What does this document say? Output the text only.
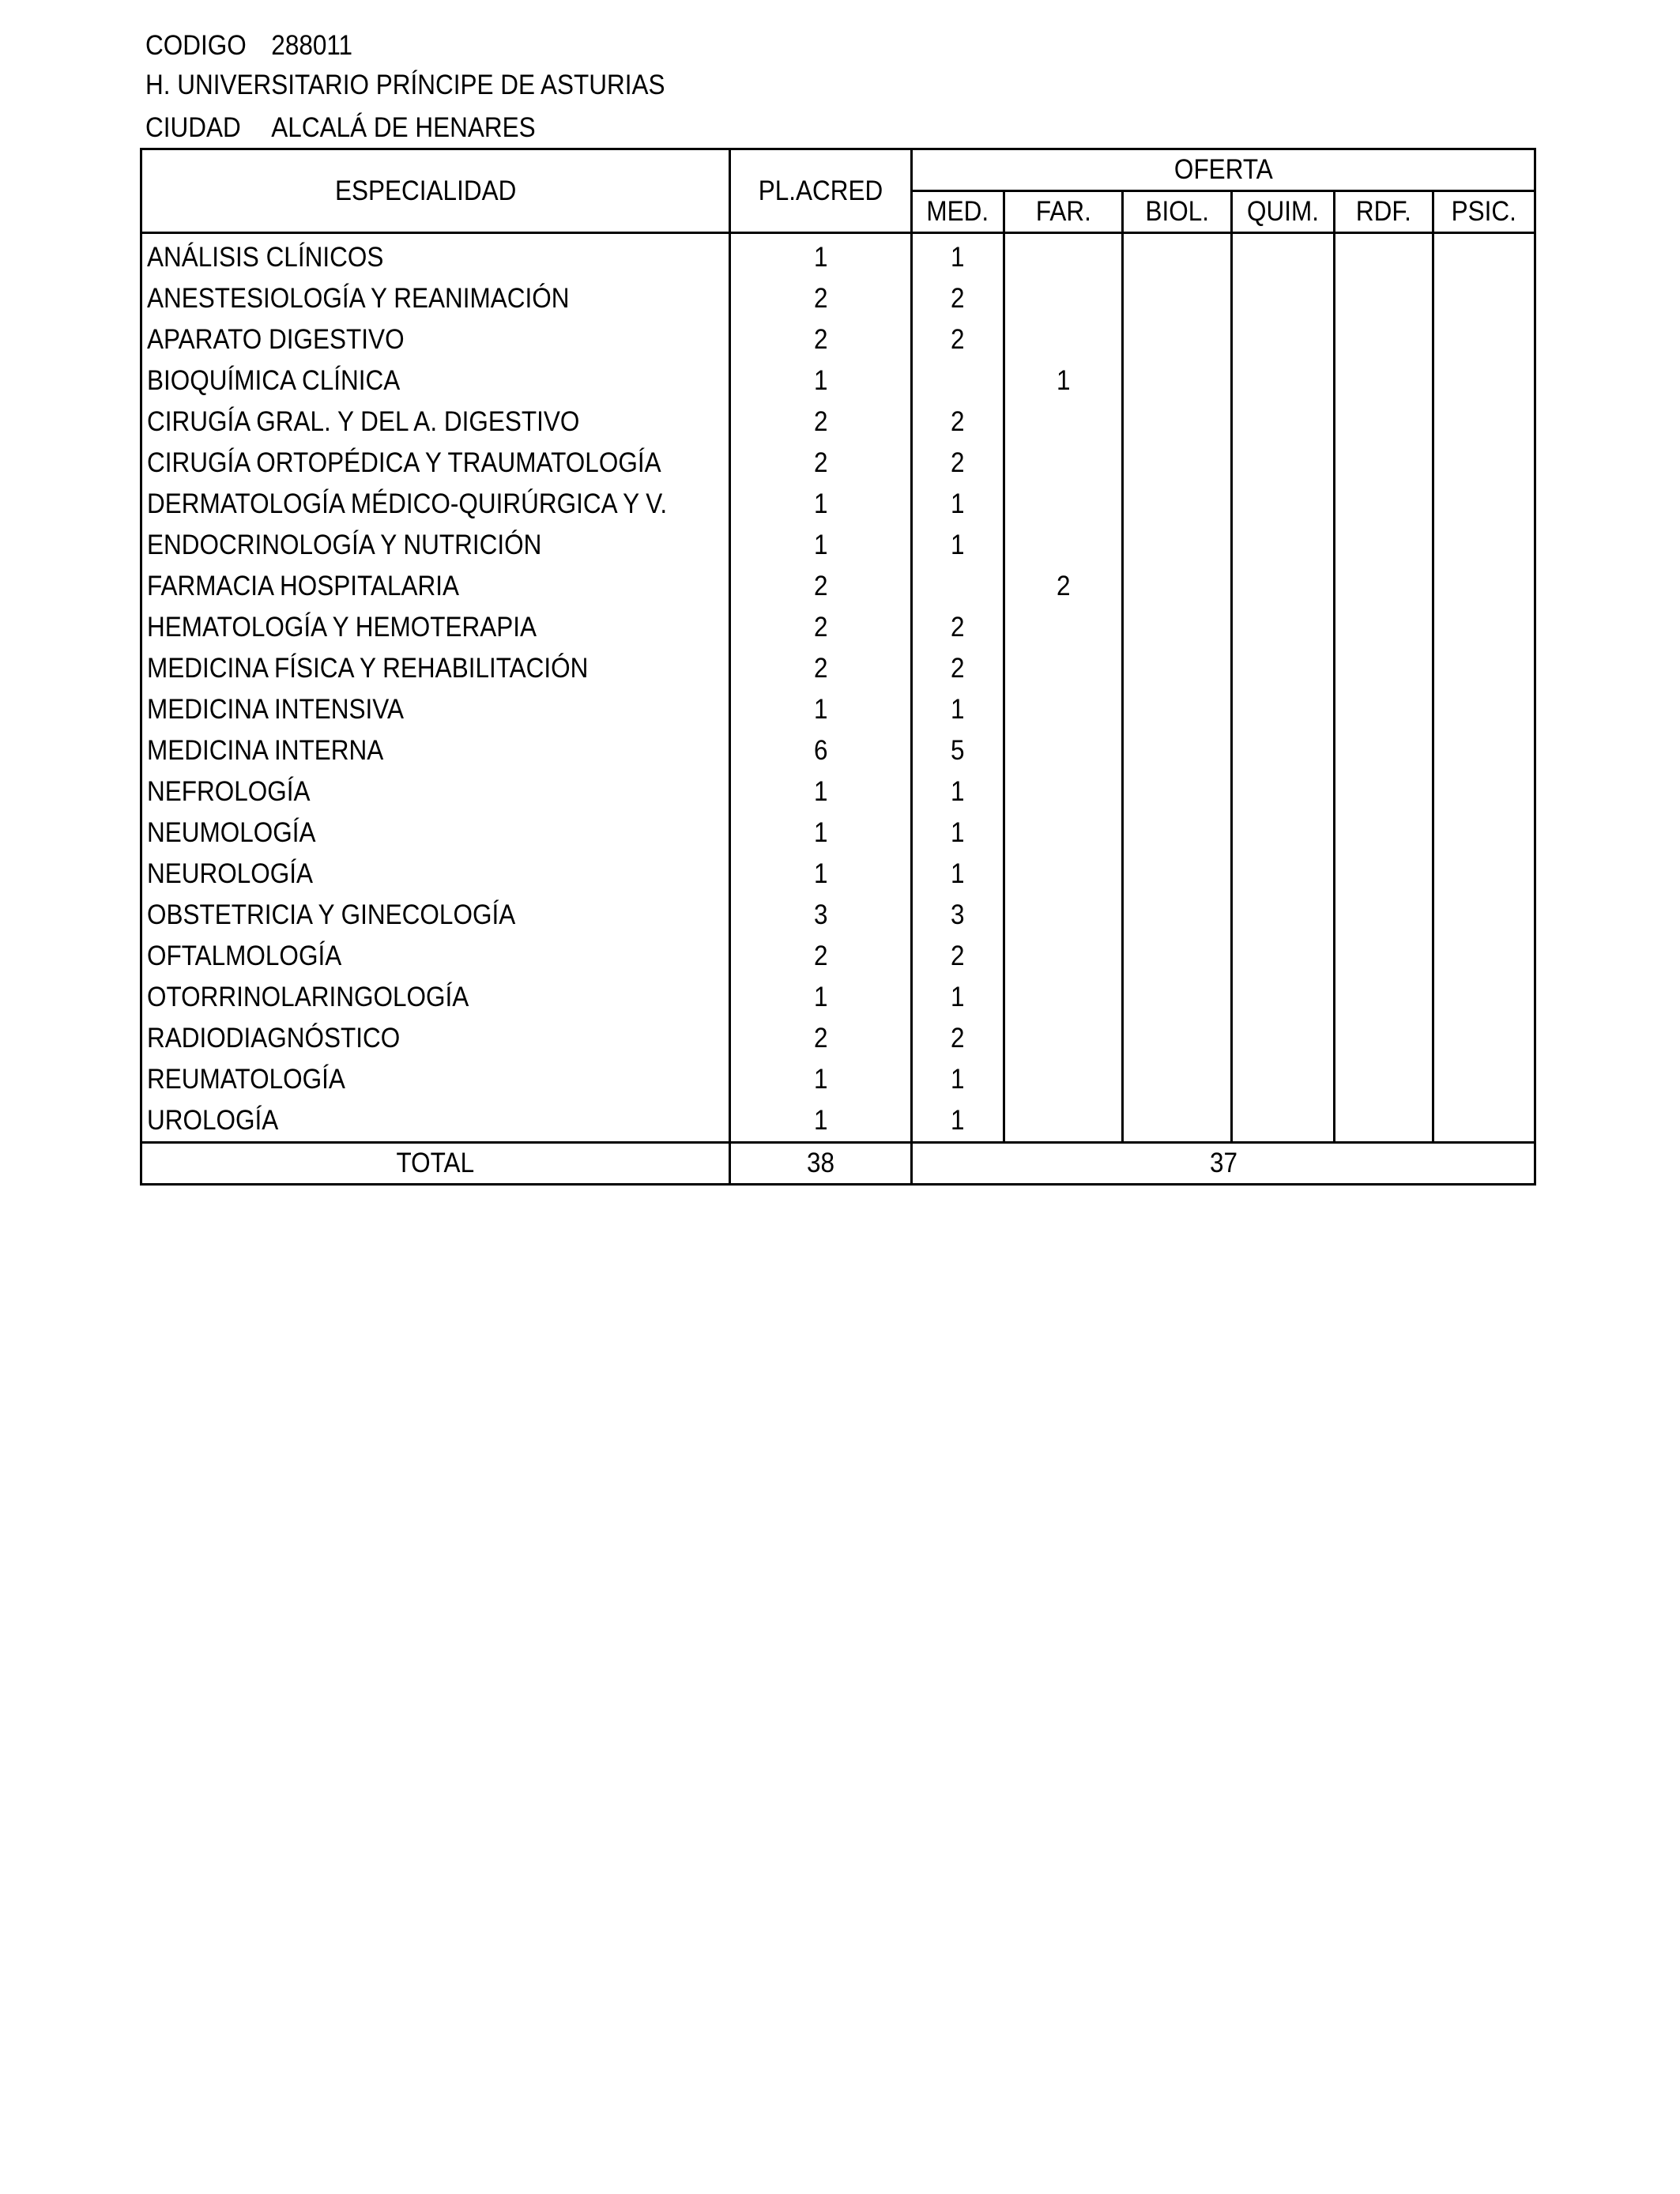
CODIGO 288011
H. UNIVERSITARIO PRÍNCIPE DE ASTURIAS
CIUDAD ALCALÁ DE HENARES
ESPECIALIDAD	PL.ACRED	OFERTA					
		MED.	FAR.	BIOL.	QUIM.	RDF.	PSIC.
ANÁLISIS CLÍNICOS	1	1					
ANESTESIOLOGÍA Y REANIMACIÓN	2	2					
APARATO DIGESTIVO	2	2					
BIOQUÍMICA CLÍNICA	1		1				
CIRUGÍA GRAL. Y DEL A. DIGESTIVO	2	2					
CIRUGÍA ORTOPÉDICA Y TRAUMATOLOGÍA	2	2					
DERMATOLOGÍA MÉDICO-QUIRÚRGICA Y V.	1	1					
ENDOCRINOLOGÍA Y NUTRICIÓN	1	1					
FARMACIA HOSPITALARIA	2		2				
HEMATOLOGÍA Y HEMOTERAPIA	2	2					
MEDICINA FÍSICA Y REHABILITACIÓN	2	2					
MEDICINA INTENSIVA	1	1					
MEDICINA INTERNA	6	5					
NEFROLOGÍA	1	1					
NEUMOLOGÍA	1	1					
NEUROLOGÍA	1	1					
OBSTETRICIA Y GINECOLOGÍA	3	3					
OFTALMOLOGÍA	2	2					
OTORRINOLARINGOLOGÍA	1	1					
RADIODIAGNÓSTICO	2	2					
REUMATOLOGÍA	1	1					
UROLOGÍA	1	1					
TOTAL	38	37					
